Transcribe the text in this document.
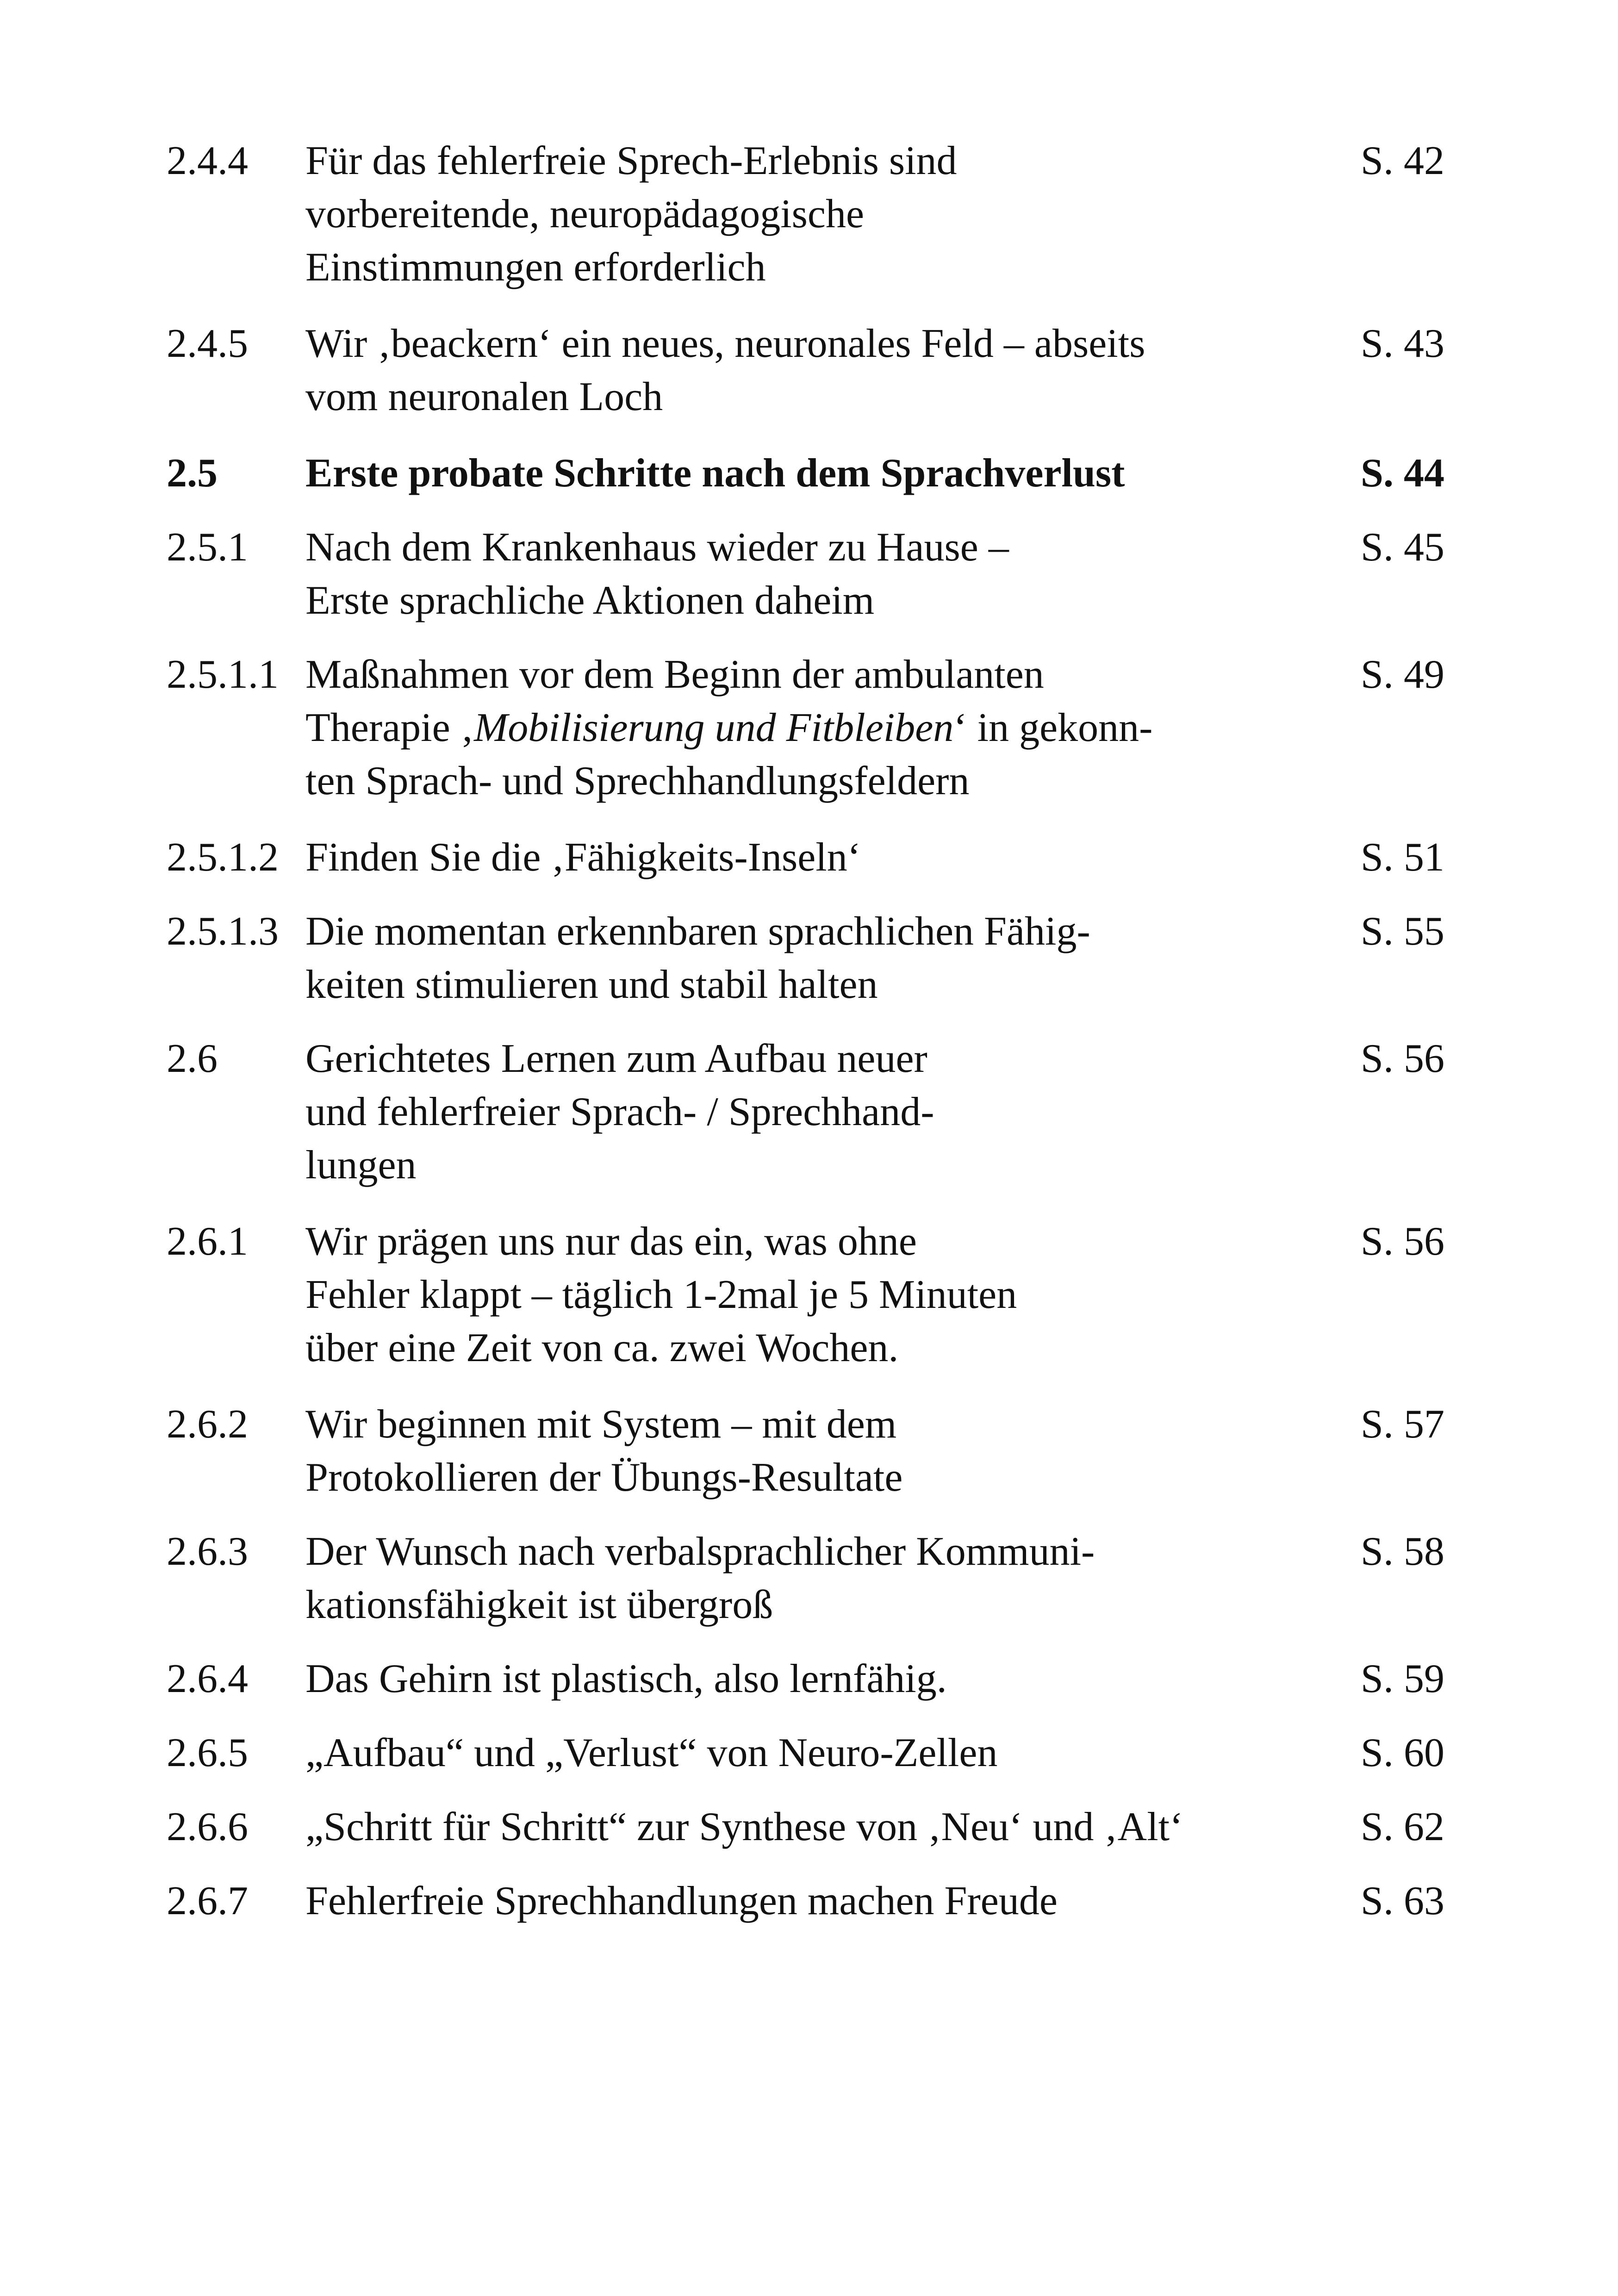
2.4.4 Für das fehlerfreie Sprech-Erlebnis sind
vorbereitende, neuropädagogische
Einstimmungen erforderlich
S. 42
2.4.5 Wir ‚beackern‘ ein neues, neuronales Feld – abseits
vom neuronalen Loch
S. 43
2.5 Erste probate Schritte nach dem Sprachverlust	S. 44
2.5.1 Nach dem Krankenhaus wieder zu Hause –
Erste sprachliche Aktionen daheim
S. 45
2.5.1.1 Maßnahmen vor dem Beginn der ambulanten
Therapie ‚Mobilisierung und Fitbleiben‘ in gekonn-
ten Sprach- und Sprechhandlungsfeldern
S. 49
2.5.1.2 Finden Sie die ‚Fähigkeits-Inseln‘	S. 51
2.5.1.3 Die momentan erkennbaren sprachlichen Fähig-
keiten stimulieren und stabil halten
S. 55
2.6 Gerichtetes Lernen zum Aufbau neuer
und fehlerfreier Sprach- / Sprechhand-
lungen
S. 56
2.6.1 Wir prägen uns nur das ein, was ohne
Fehler klappt – täglich 1-2mal je 5 Minuten
über eine Zeit von ca. zwei Wochen.
S. 56
2.6.2 Wir beginnen mit System – mit dem
Protokollieren der Übungs-Resultate
S. 57
2.6.3 Der Wunsch nach verbalsprachlicher Kommuni-
kationsfähigkeit ist übergroß
S. 58
2.6.4 Das Gehirn ist plastisch, also lernfähig.	S. 59
2.6.5 „Aufbau“ und „Verlust“ von Neuro-Zellen	S. 60
2.6.6 „Schritt für Schritt“ zur Synthese von ‚Neu‘ und ‚Alt‘	S. 62
2.6.7 Fehlerfreie Sprechhandlungen machen Freude	S. 63
